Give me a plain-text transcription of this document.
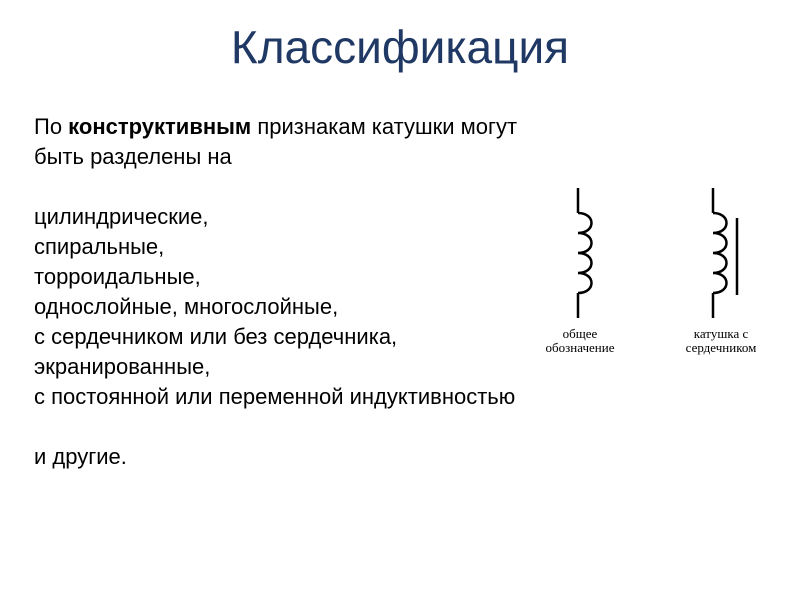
Классификация
По конструктивным признакам катушки могут
быть разделены на
цилиндрические,
спиральные,
торроидальные,
однослойные, многослойные,
с сердечником или без сердечника,
экранированные,
с постоянной или переменной индуктивностью
и другие.
общее
обозначение
катушка с
сердечником
